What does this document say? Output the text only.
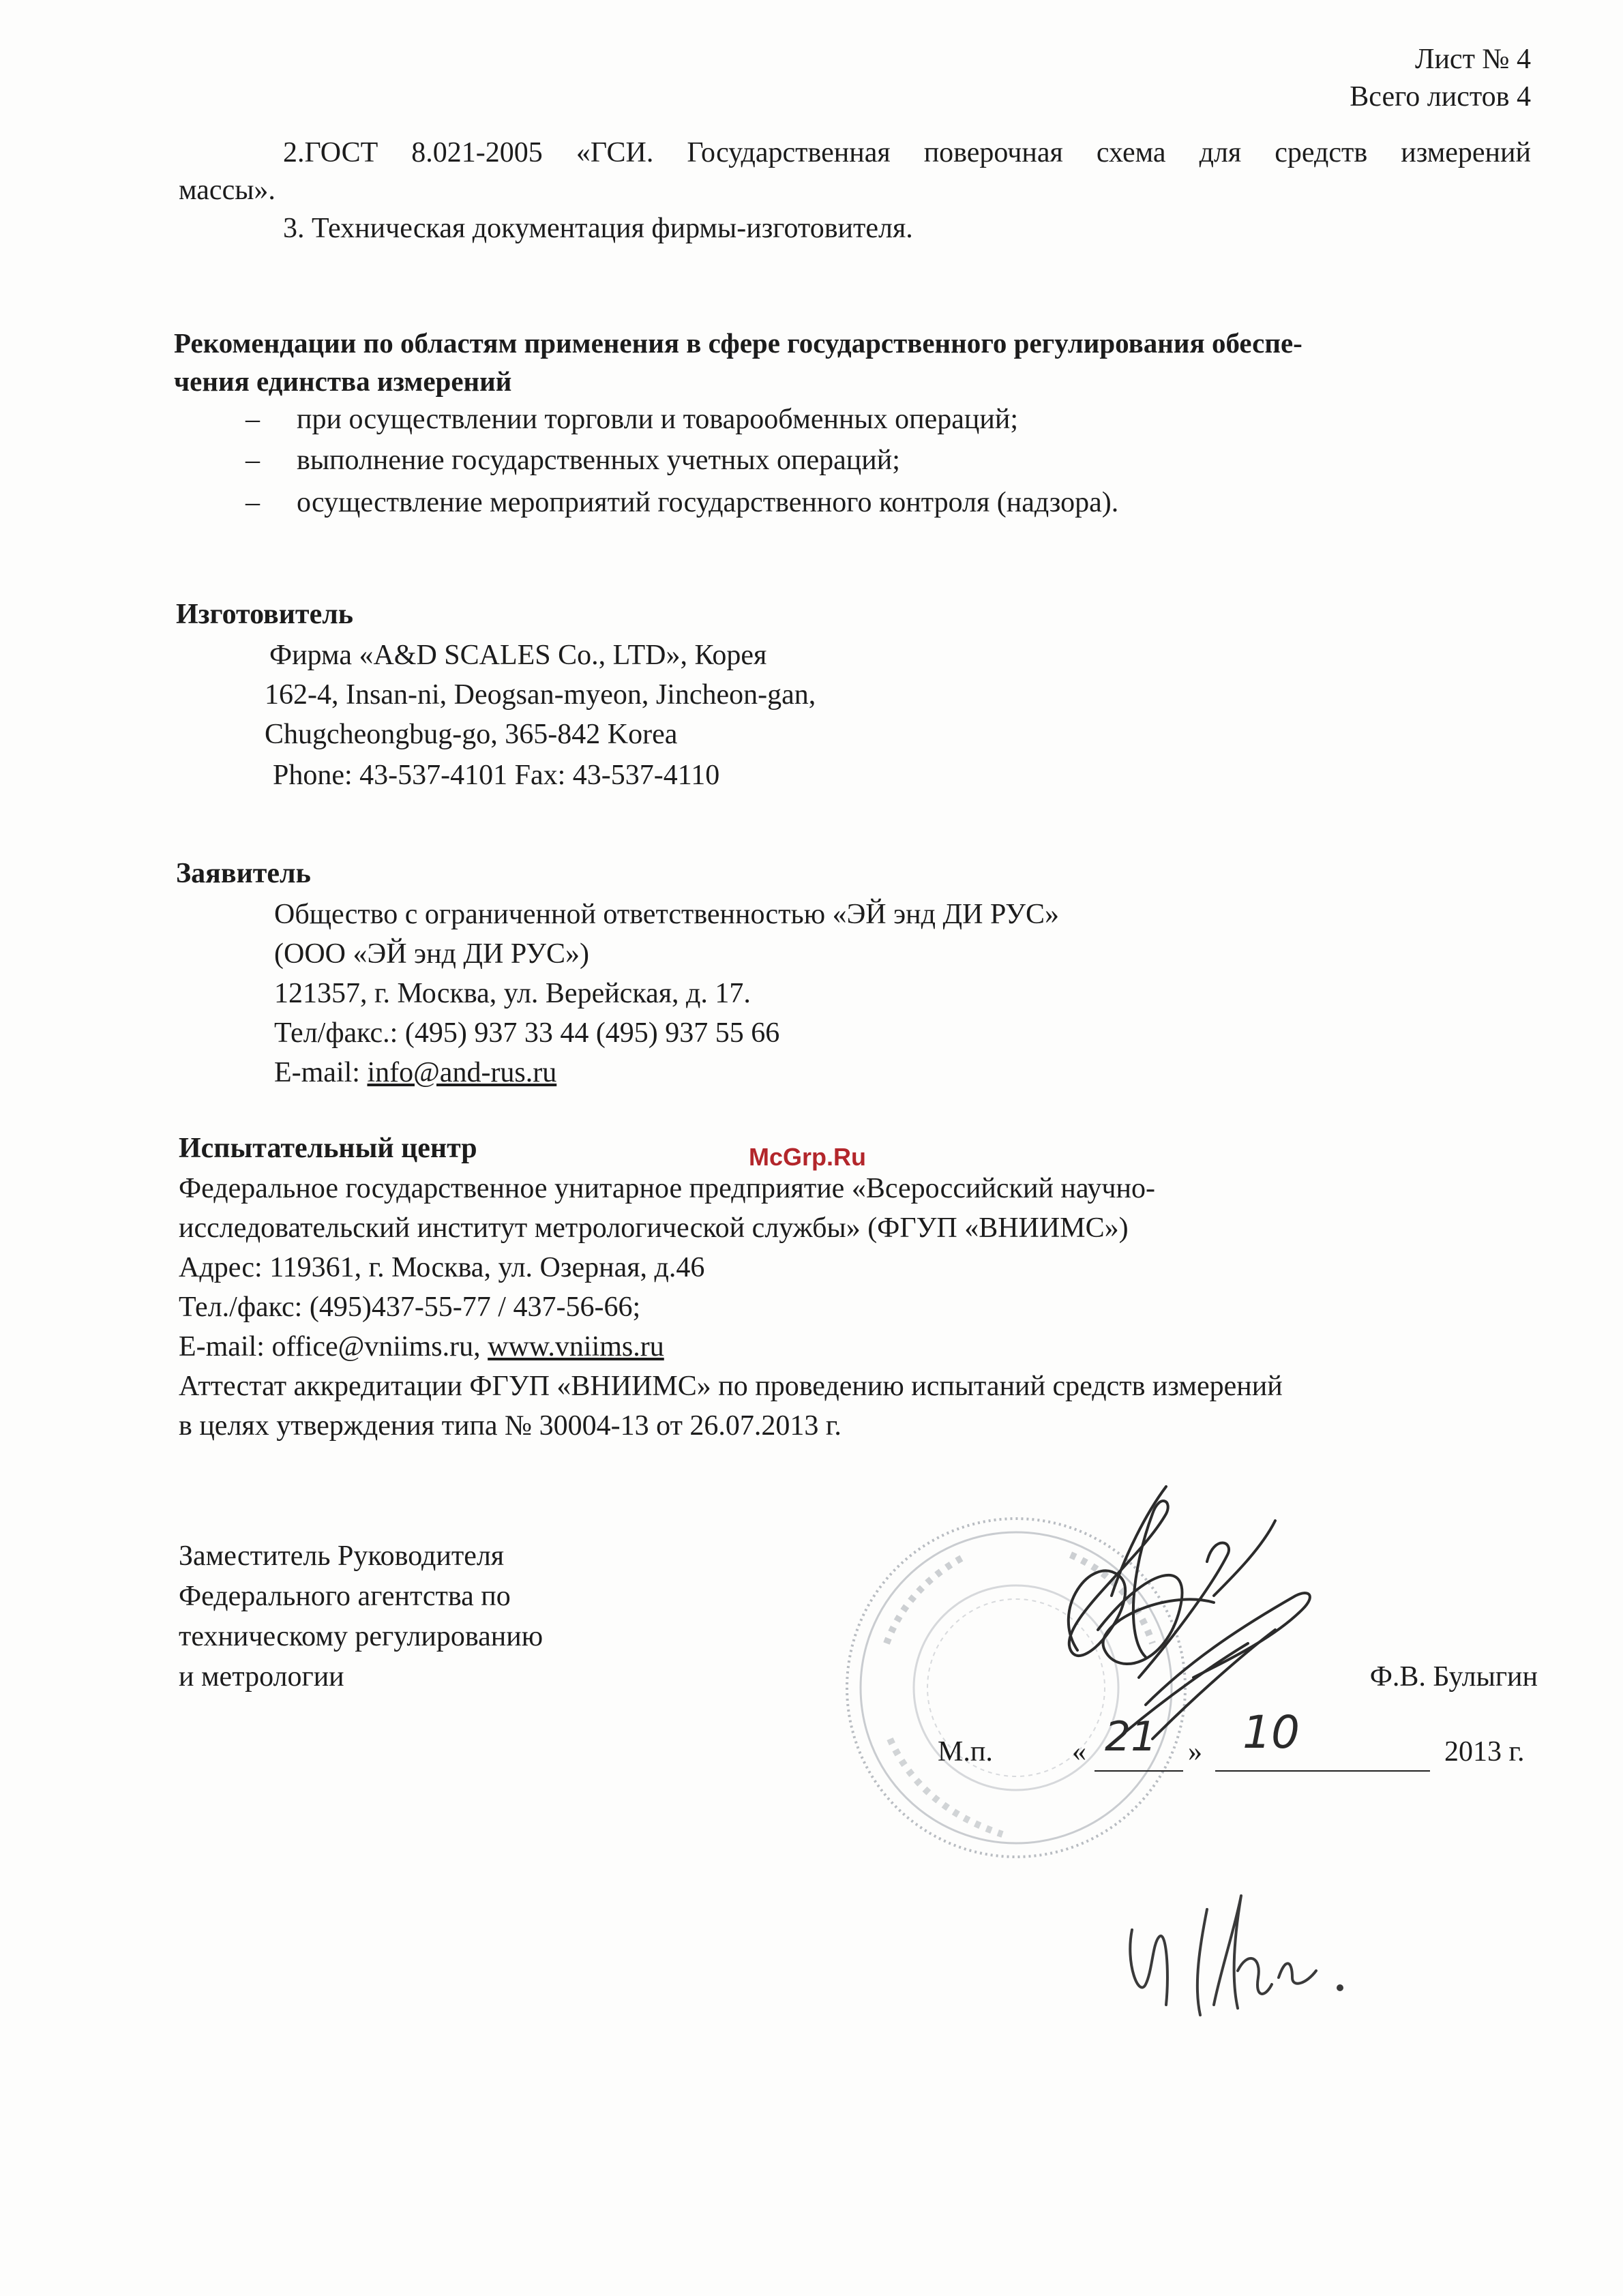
Лист № 4
Всего листов 4
2.ГОСТ 8.021-2005 «ГСИ. Государственная поверочная схема для средств измерений
массы».
3. Техническая документация фирмы-изготовителя.
Рекомендации по областям применения в сфере государственного регулирования обеспе-
чения единства измерений
– при осуществлении торговли и товарообменных операций;
– выполнение государственных учетных операций;
– осуществление мероприятий государственного контроля (надзора).
Изготовитель
Фирма «A&D SCALES Co., LTD», Корея
162-4, Insan-ni, Deogsan-myeon, Jincheon-gan,
Chugcheongbug-go, 365-842 Korea
Phone: 43-537-4101 Fax: 43-537-4110
Заявитель
Общество с ограниченной ответственностью «ЭЙ энд ДИ РУС»
(ООО «ЭЙ энд ДИ РУС»)
121357, г. Москва, ул. Верейская, д. 17.
Тел/факс.: (495) 937 33 44 (495) 937 55 66
E-mail: info@and-rus.ru
Испытательный центр	McGrp.Ru
Федеральное государственное унитарное предприятие «Всероссийский научно-
исследовательский институт метрологической службы» (ФГУП «ВНИИМС»)
Адрес: 119361, г. Москва, ул. Озерная, д.46
Тел./факс: (495)437-55-77 / 437-56-66;
E-mail: office@vniims.ru, www.vniims.ru
Аттестат аккредитации ФГУП «ВНИИМС» по проведению испытаний средств измерений
в целях утверждения типа № 30004-13 от 26.07.2013 г.
Заместитель Руководителя
Федерального агентства по
техническому регулированию
и метрологии	Ф.В. Булыгин
М.п.	« 21 » 10	2013 г.
